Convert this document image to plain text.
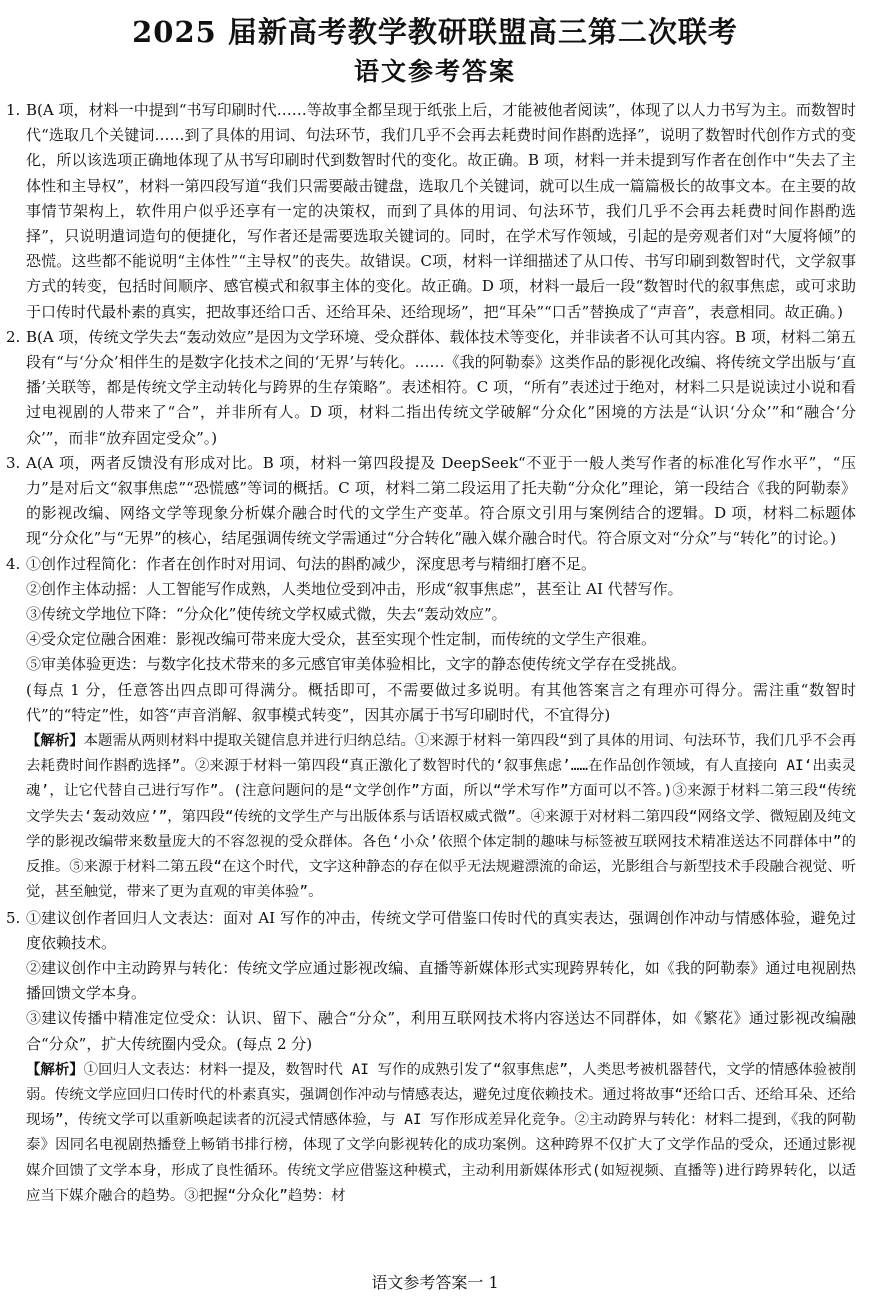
2025 届新高考教学教研联盟高三第二次联考
语文参考答案
1. B(A 项，材料一中提到“书写印刷时代……等故事全都呈现于纸张上后，才能被他者阅读”，体现了以人力书写为主。而数智时代“选取几个关键词……到了具体的用词、句法环节，我们几乎不会再去耗费时间作斟酌选择”，说明了数智时代创作方式的变化，所以该选项正确地体现了从书写印刷时代到数智时代的变化。故正确。B 项，材料一并未提到写作者在创作中“失去了主体性和主导权”，材料一第四段写道“我们只需要敲击键盘，选取几个关键词，就可以生成一篇篇极长的故事文本。在主要的故事情节架构上，软件用户似乎还享有一定的决策权，而到了具体的用词、句法环节，我们几乎不会再去耗费时间作斟酌选择”，只说明遣词造句的便捷化，写作者还是需要选取关键词的。同时，在学术写作领域，引起的是旁观者们对“大厦将倾”的恐慌。这些都不能说明“主体性”“主导权”的丧失。故错误。C项，材料一详细描述了从口传、书写印刷到数智时代，文学叙事方式的转变，包括时间顺序、感官模式和叙事主体的变化。故正确。D 项，材料一最后一段“数智时代的叙事焦虑，或可求助于口传时代最朴素的真实，把故事还给口舌、还给耳朵、还给现场”，把“耳朵”“口舌”替换成了“声音”，表意相同。故正确。)

2. B(A 项，传统文学失去“轰动效应”是因为文学环境、受众群体、载体技术等变化，并非读者不认可其内容。B 项，材料二第五段有“与‘分众’相伴生的是数字化技术之间的‘无界’与转化。……《我的阿勒泰》这类作品的影视化改编、将传统文学出版与‘直播’关联等，都是传统文学主动转化与跨界的生存策略”。表述相符。C 项，“所有”表述过于绝对，材料二只是说读过小说和看过电视剧的人带来了“合”，并非所有人。D 项，材料二指出传统文学破解“分众化”困境的方法是“认识‘分众’”和“融合‘分众’”，而非“放弃固定受众”。)

3. A(A 项，两者反馈没有形成对比。B 项，材料一第四段提及 DeepSeek“不亚于一般人类写作者的标准化写作水平”，“压力”是对后文“叙事焦虑”“恐慌感”等词的概括。C 项，材料二第二段运用了托夫勒“分众化”理论，第一段结合《我的阿勒泰》的影视改编、网络文学等现象分析媒介融合时代的文学生产变革。符合原文引用与案例结合的逻辑。D 项，材料二标题体现“分众化”与“无界”的核心，结尾强调传统文学需通过“分合转化”融入媒介融合时代。符合原文对“分众”与“转化”的讨论。)

4. ①创作过程简化：作者在创作时对用词、句法的斟酌减少，深度思考与精细打磨不足。

②创作主体动摇：人工智能写作成熟，人类地位受到冲击，形成“叙事焦虑”，甚至让 AI 代替写作。

③传统文学地位下降：“分众化”使传统文学权威式微，失去“轰动效应”。

④受众定位融合困难：影视改编可带来庞大受众，甚至实现个性定制，而传统的文学生产很难。

⑤审美体验更迭：与数字化技术带来的多元感官审美体验相比，文字的静态使传统文学存在受挑战。

(每点 1 分，任意答出四点即可得满分。概括即可，不需要做过多说明。有其他答案言之有理亦可得分。需注重“数智时代”的“特定”性，如答“声音消解、叙事模式转变”，因其亦属于书写印刷时代，不宜得分)

【解析】本题需从两则材料中提取关键信息并进行归纳总结。①来源于材料一第四段“到了具体的用词、句法环节，我们几乎不会再去耗费时间作斟酌选择”。②来源于材料一第四段“真正激化了数智时代的‘叙事焦虑’……在作品创作领域，有人直接向 AI‘出卖灵魂’，让它代替自己进行写作”。(注意问题问的是“文学创作”方面，所以“学术写作”方面可以不答。)③来源于材料二第三段“传统文学失去‘轰动效应’”，第四段“传统的文学生产与出版体系与话语权威式微”。④来源于对材料二第四段“网络文学、微短剧及纯文学的影视改编带来数量庞大的不容忽视的受众群体。各色‘小众’依照个体定制的趣味与标签被互联网技术精准送达不同群体中”的反推。⑤来源于材料二第五段“在这个时代，文字这种静态的存在似乎无法规避漂流的命运，光影组合与新型技术手段融合视觉、听觉，甚至触觉，带来了更为直观的审美体验”。

5. ①建议创作者回归人文表达：面对 AI 写作的冲击，传统文学可借鉴口传时代的真实表达，强调创作冲动与情感体验，避免过度依赖技术。

②建议创作中主动跨界与转化：传统文学应通过影视改编、直播等新媒体形式实现跨界转化，如《我的阿勒泰》通过电视剧热播回馈文学本身。

③建议传播中精准定位受众：认识、留下、融合“分众”，利用互联网技术将内容送达不同群体，如《繁花》通过影视改编融合“分众”，扩大传统圈内受众。(每点 2 分)

【解析】①回归人文表达：材料一提及，数智时代 AI 写作的成熟引发了“叙事焦虑”，人类思考被机器替代，文学的情感体验被削弱。传统文学应回归口传时代的朴素真实，强调创作冲动与情感表达，避免过度依赖技术。通过将故事“还给口舌、还给耳朵、还给现场”，传统文学可以重新唤起读者的沉浸式情感体验，与 AI 写作形成差异化竞争。②主动跨界与转化：材料二提到，《我的阿勒泰》因同名电视剧热播登上畅销书排行榜，体现了文学向影视转化的成功案例。这种跨界不仅扩大了文学作品的受众，还通过影视媒介回馈了文学本身，形成了良性循环。传统文学应借鉴这种模式，主动利用新媒体形式(如短视频、直播等)进行跨界转化，以适应当下媒介融合的趋势。③把握“分众化”趋势：材

语文参考答案一 1
